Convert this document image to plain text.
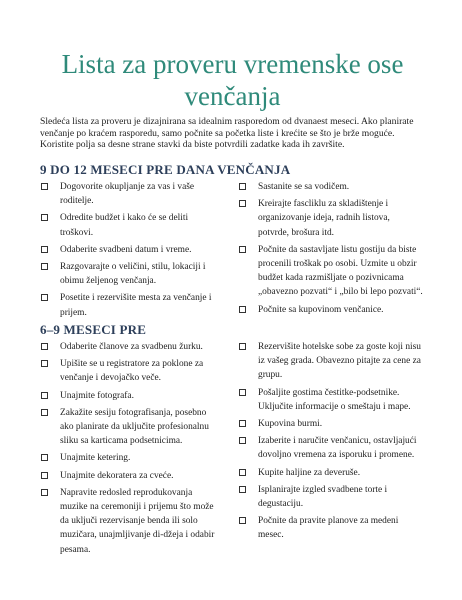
Lista za proveru vremenske ose
venčanja
Sledeća lista za proveru je dizajnirana sa idealnim rasporedom od dvanaest meseci. Ako planirate venčanje po kraćem rasporedu, samo počnite sa početka liste i krećite se što je brže moguće. Koristite polja sa desne strane stavki da biste potvrdili zadatke kada ih završite.
9 DO 12 MESECI PRE DANA VENČANJA
Dogovorite okupljanje za vas i vaše roditelje.
Odredite budžet i kako će se deliti troškovi.
Odaberite svadbeni datum i vreme.
Razgovarajte o veličini, stilu, lokaciji i obimu željenog venčanja.
Posetite i rezervišite mesta za venčanje i prijem.
Sastanite se sa vodičem.
Kreirajte fascliklu za skladištenje i organizovanje ideja, radnih listova, potvrde, brošura itd.
Počnite da sastavljate listu gostiju da biste procenili troškak po osobi. Uzmite u obzir budžet kada razmišljate o pozivnicama „obavezno pozvati“ i „bilo bi lepo pozvati“.
Počnite sa kupovinom venčanice.
6–9 MESECI PRE
Odaberite članove za svadbenu žurku.
Upišite se u registratore za poklone za venčanje i devojačko veče.
Unajmite fotografa.
Zakažite sesiju fotografisanja, posebno ako planirate da uključite profesionalnu sliku sa karticama podsetnicima.
Unajmite ketering.
Unajmite dekoratera za cveće.
Napravite redosled reprodukovanja muzike na ceremoniji i prijemu što može da uključi rezervisanje benda ili solo muzičara, unajmljivanje di-džeja i odabir pesama.
Rezervišite hotelske sobe za goste koji nisu iz vašeg grada. Obavezno pitajte za cene za grupu.
Pošaljite gostima čestitke-podsetnike. Uključite informacije o smeštaju i mape.
Kupovina burmi.
Izaberite i naručite venčanicu, ostavljajući dovoljno vremena za isporuku i promene.
Kupite haljine za deveruše.
Isplanirajte izgled svadbene torte i degustaciju.
Počnite da pravite planove za medeni mesec.
